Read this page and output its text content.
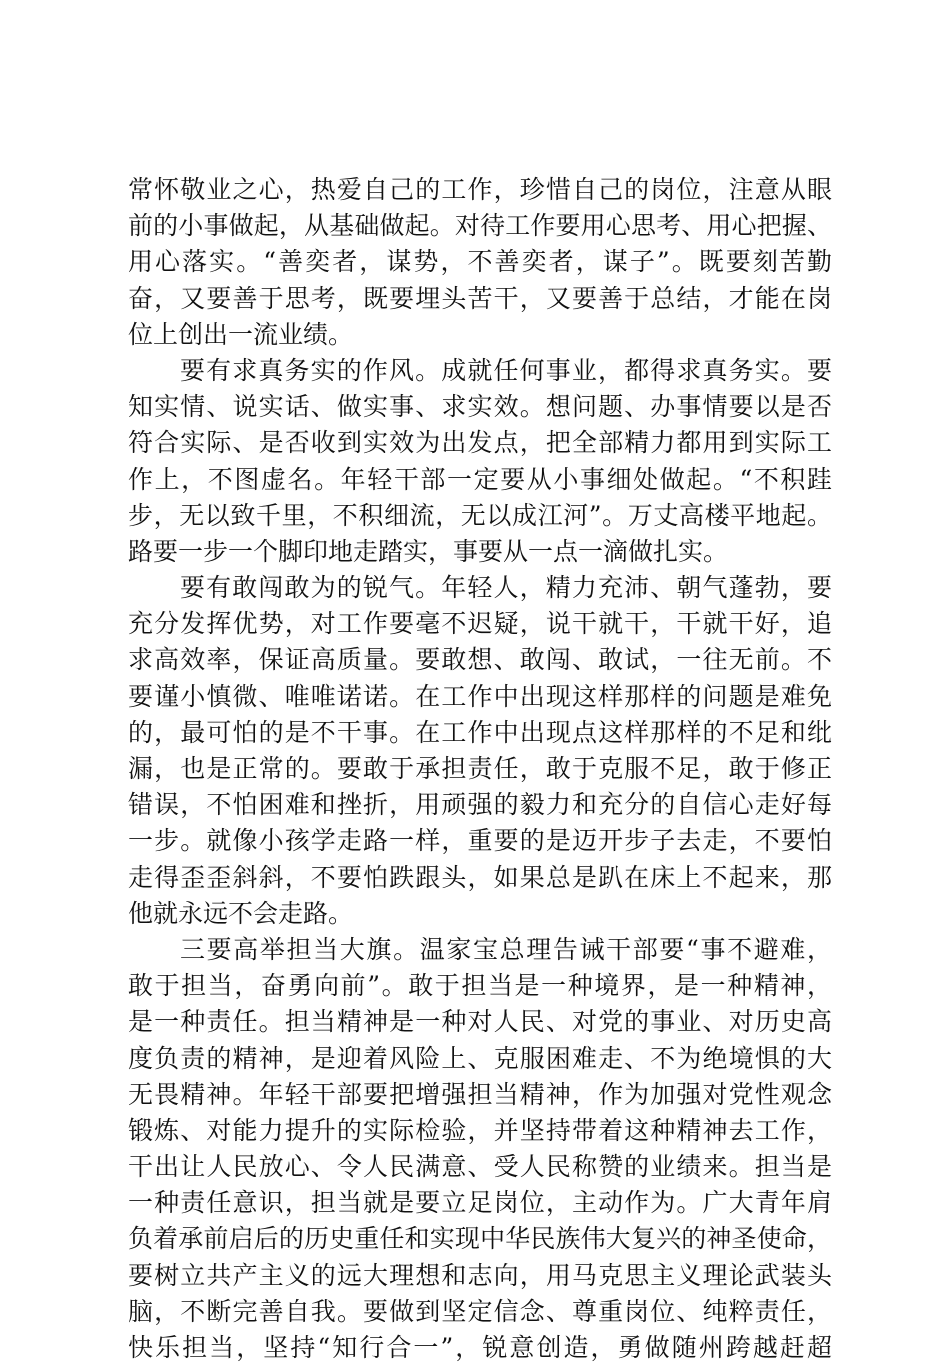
常怀敬业之心，热爱自己的工作，珍惜自己的岗位，注意从眼
前的小事做起，从基础做起。对待工作要用心思考、用心把握、
用心落实。“善奕者，谋势，不善奕者，谋子”。既要刻苦勤
奋，又要善于思考，既要埋头苦干，又要善于总结，才能在岗
位上创出一流业绩。
要有求真务实的作风。成就任何事业，都得求真务实。要
知实情、说实话、做实事、求实效。想问题、办事情要以是否
符合实际、是否收到实效为出发点，把全部精力都用到实际工
作上，不图虚名。年轻干部一定要从小事细处做起。“不积跬
步，无以致千里，不积细流，无以成江河”。万丈高楼平地起。
路要一步一个脚印地走踏实，事要从一点一滴做扎实。
要有敢闯敢为的锐气。年轻人，精力充沛、朝气蓬勃，要
充分发挥优势，对工作要毫不迟疑，说干就干，干就干好，追
求高效率，保证高质量。要敢想、敢闯、敢试，一往无前。不
要谨小慎微、唯唯诺诺。在工作中出现这样那样的问题是难免
的，最可怕的是不干事。在工作中出现点这样那样的不足和纰
漏，也是正常的。要敢于承担责任，敢于克服不足，敢于修正
错误，不怕困难和挫折，用顽强的毅力和充分的自信心走好每
一步。就像小孩学走路一样，重要的是迈开步子去走，不要怕
走得歪歪斜斜，不要怕跌跟头，如果总是趴在床上不起来，那
他就永远不会走路。
三要高举担当大旗。温家宝总理告诫干部要“事不避难，
敢于担当，奋勇向前”。敢于担当是一种境界，是一种精神，
是一种责任。担当精神是一种对人民、对党的事业、对历史高
度负责的精神，是迎着风险上、克服困难走、不为绝境惧的大
无畏精神。年轻干部要把增强担当精神，作为加强对党性观念
锻炼、对能力提升的实际检验，并坚持带着这种精神去工作，
干出让人民放心、令人民满意、受人民称赞的业绩来。担当是
一种责任意识，担当就是要立足岗位，主动作为。广大青年肩
负着承前启后的历史重任和实现中华民族伟大复兴的神圣使命，
要树立共产主义的远大理想和志向，用马克思主义理论武装头
脑，不断完善自我。要做到坚定信念、尊重岗位、纯粹责任，
快乐担当，坚持“知行合一”，锐意创造，勇做随州跨越赶超
